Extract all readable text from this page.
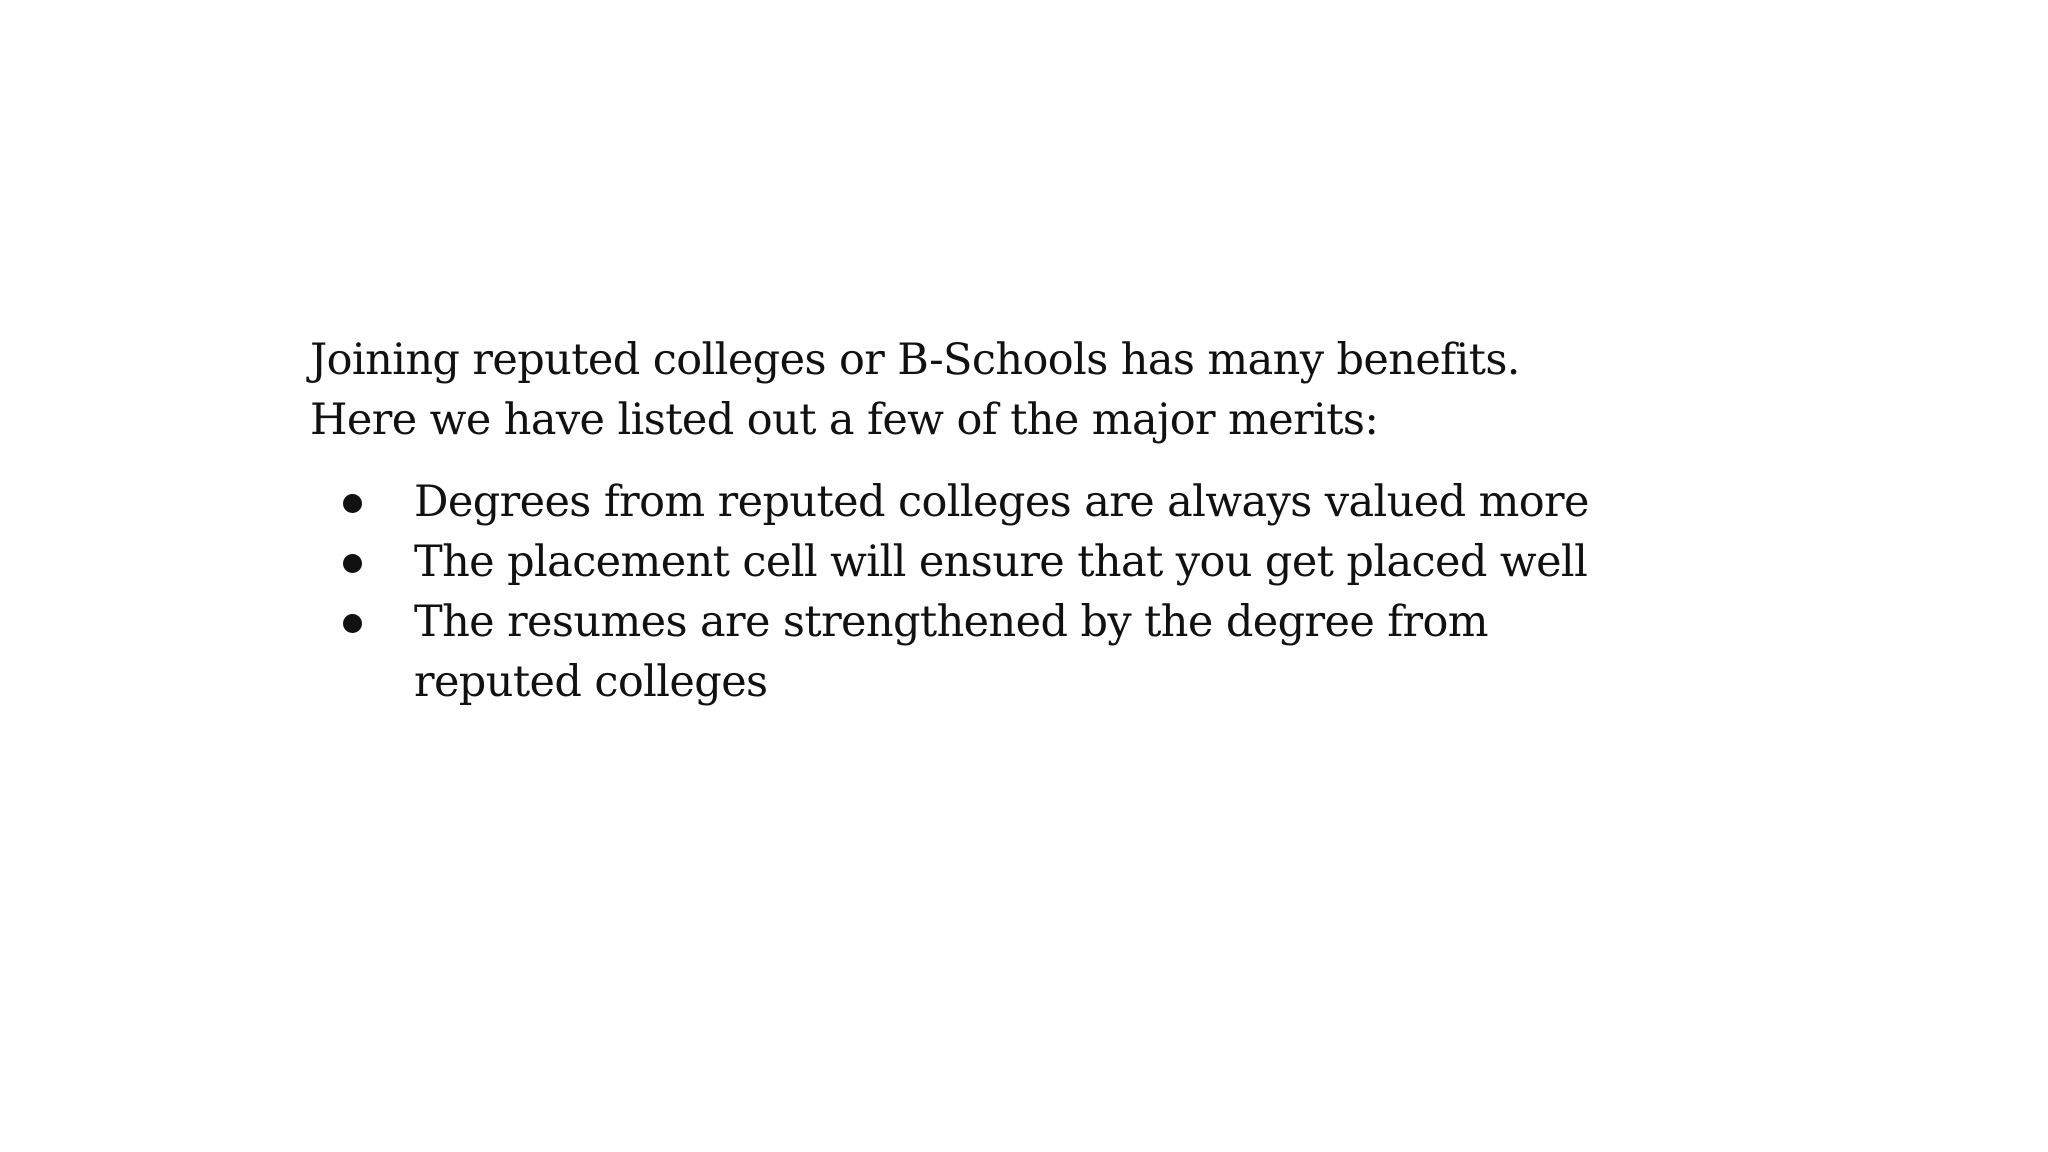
Joining reputed colleges or B-Schools has many benefits. Here we have listed out a few of the major merits:

Degrees from reputed colleges are always valued more
The placement cell will ensure that you get placed well
The resumes are strengthened by the degree from reputed colleges
